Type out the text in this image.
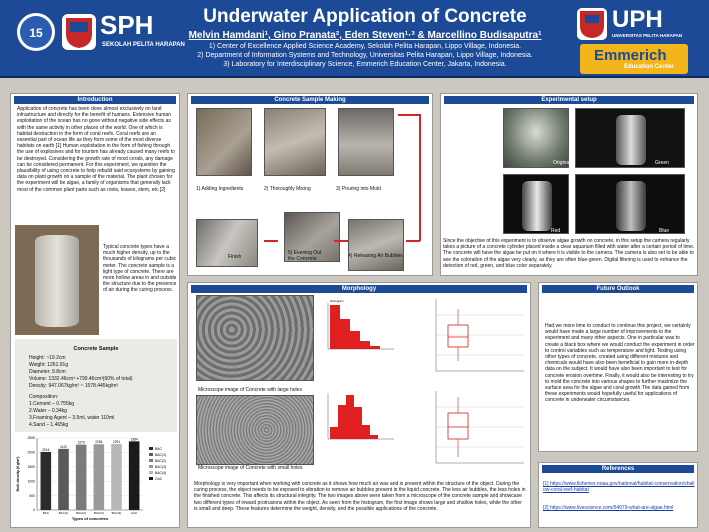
15 SPH
SEKOLAH PELITA HARAPAN
Underwater Application of Concrete
Melvin Hamdani¹, Gino Pranata², Eden Steven¹·³ & Marcellino Budisaputra¹
1) Center of Excellence Applied Science Academy, Sekolah Pelita Harapan, Lippo Village, Indonesia.
2) Department of Information Systems and Technology, Universitas Pelita Harapan, Lippo Village, Indonesia.
3) Laboratory for Interdisciplinary Science, Emmerich Education Center, Jakarta, Indonesia.
UPH
UNIVERSITAS PELITA HARAPAN
Emmerich
Education Center
Introduction
Application of concrete has been done almost exclusively on land infrastructure and directly for the benefit of humans. Extensive human exploitation of the ocean has no gone without negative side effects as with the same activity in other places of the world. One of which is habitat destruction in the form of coral reefs. Coral reefs are an essential part of ocean life as they form some of the most diverse habitats on earth [1] Human exploitation in the form of fishing through the use of explosives and for tourism has already caused many reefs to be destroyed. Considering the growth rate of most corals, any damage can be considered permanent. For this experiment, we question the plausibility of using concrete to help rebuild said ecosystems by gaining data on plant growth on a sample of the material. The plant chosen for the experiment will be algae, a family of organisms that generally lack most of the common plant parts such as roots, leaves, stem, etc [2]
Typical concrete types have a much higher density, up to the thousands of kilograms per cubic meter. The concrete sample is a light type of concrete. There are more hollow areas in and outside the structure due to the presence of air during the curing process.
Concrete Sample
Height: ~19.2cm
Weight: 1261.91g
Diameter: 9.8cm
Volume: 1332.46cm³ +799.46cm³(60% of total)
Density: 947.067kg/m³ ~ 1578.445kg/m³
Composition:
1.Cement – 0.755kg
2.Water – 0.34kg
3.Foaming Agent – 3.5ml, water 110ml
4.Sand – 1.465kg
0
500
1000
1500
2000
2500
2016
BAC
2122
BAC(1)
2270
BAC(2)
2284
BAC(3)
2291
BAC(4)
2384
CAC
Types of concretes
Bulk density (Kg/m³)
BAC
BAC(1)
BAC(2)
BAC(3)
BAC(4)
CAC
Concrete Sample Making
1) Adding Ingredients	2) Thoroughly Mixing	3) Pouring into Mold
Finish
5) Evening Out the Concrete	4) Releasing Air Bubbles
Experimental setup
Original	Green
Red	Blue
Since the objective of this experiment is to observe algae growth on concrete, in this setup the camera regularly takes a picture of a concrete cylinder placed inside a clear aquarium filled with water after a certain period of time. The concrete will have the algae be put on it where it is visible to the camera. The camera is also set to be able to see the coloration of the algae very clearly, as they are often blue-green. Digital filtering is used to enhance the detection of red, green, and blue color separately.
Morphology
Microscope image of Concrete with large holes
Microscope image of Concrete with small holes
Histogram
Morphology is very important when working with concrete as it shows how much air was and is present within the structure of the object. During the curing process, the object needs to be exposed to vibration to remove air bubbles present in the liquid concrete. The less air bubbles, the less holes in the finished concrete. This affects its structural integrity. The two images above were taken from a microscope of the concrete sample and showcase two different types of inward protrusions within the object. As seen from the histogram, the first image shows large and shallow holes, while the other is small and deep. These features determine the weight, density, and the possible applications of the concrete.
Future Outlook
Had we more time to conduct to continue this project, we certainly would have made a large number of improvements to the experiment and many other aspects. One in particular was to create a black box where we would conduct the experiment in order to control variables such as temperature and light. Testing using other types of concrete, created using different mixtures and chemicals would have also been beneficial to gain more in-depth data on the subject. It would have also been important to test for concrete erosion overtime. Finally, it would also be interesting to try to mold the concrete into various shapes to further maximize the surface area for the algae and coral growth.The data gained from these experiments would hopefully useful for applications of concrete in underwater circumstances.
References
[1] https://www.fisheries.noaa.gov/national/habitat-conservation/shallow-coral-reef-habitat
[2] https://www.livescience.com/54979-what-are-algae.html
